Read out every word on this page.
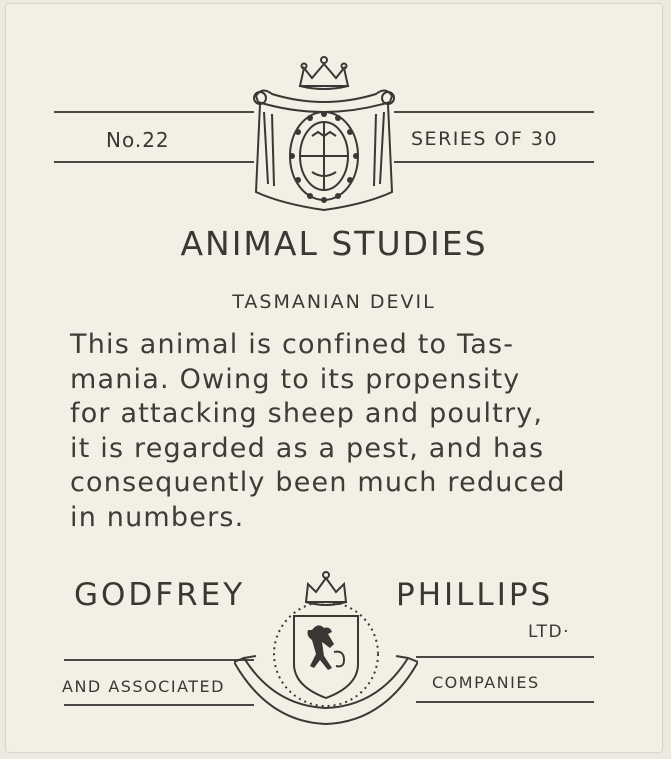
No.22	SERIES OF 30
ANIMAL STUDIES
TASMANIAN DEVIL
This animal is confined to Tas-
mania. Owing to its propensity
for attacking sheep and poultry,
it is regarded as a pest, and has
consequently been much reduced
in numbers.
GODFREY	PHILLIPS
LTD·
AND ASSOCIATED	COMPANIES
